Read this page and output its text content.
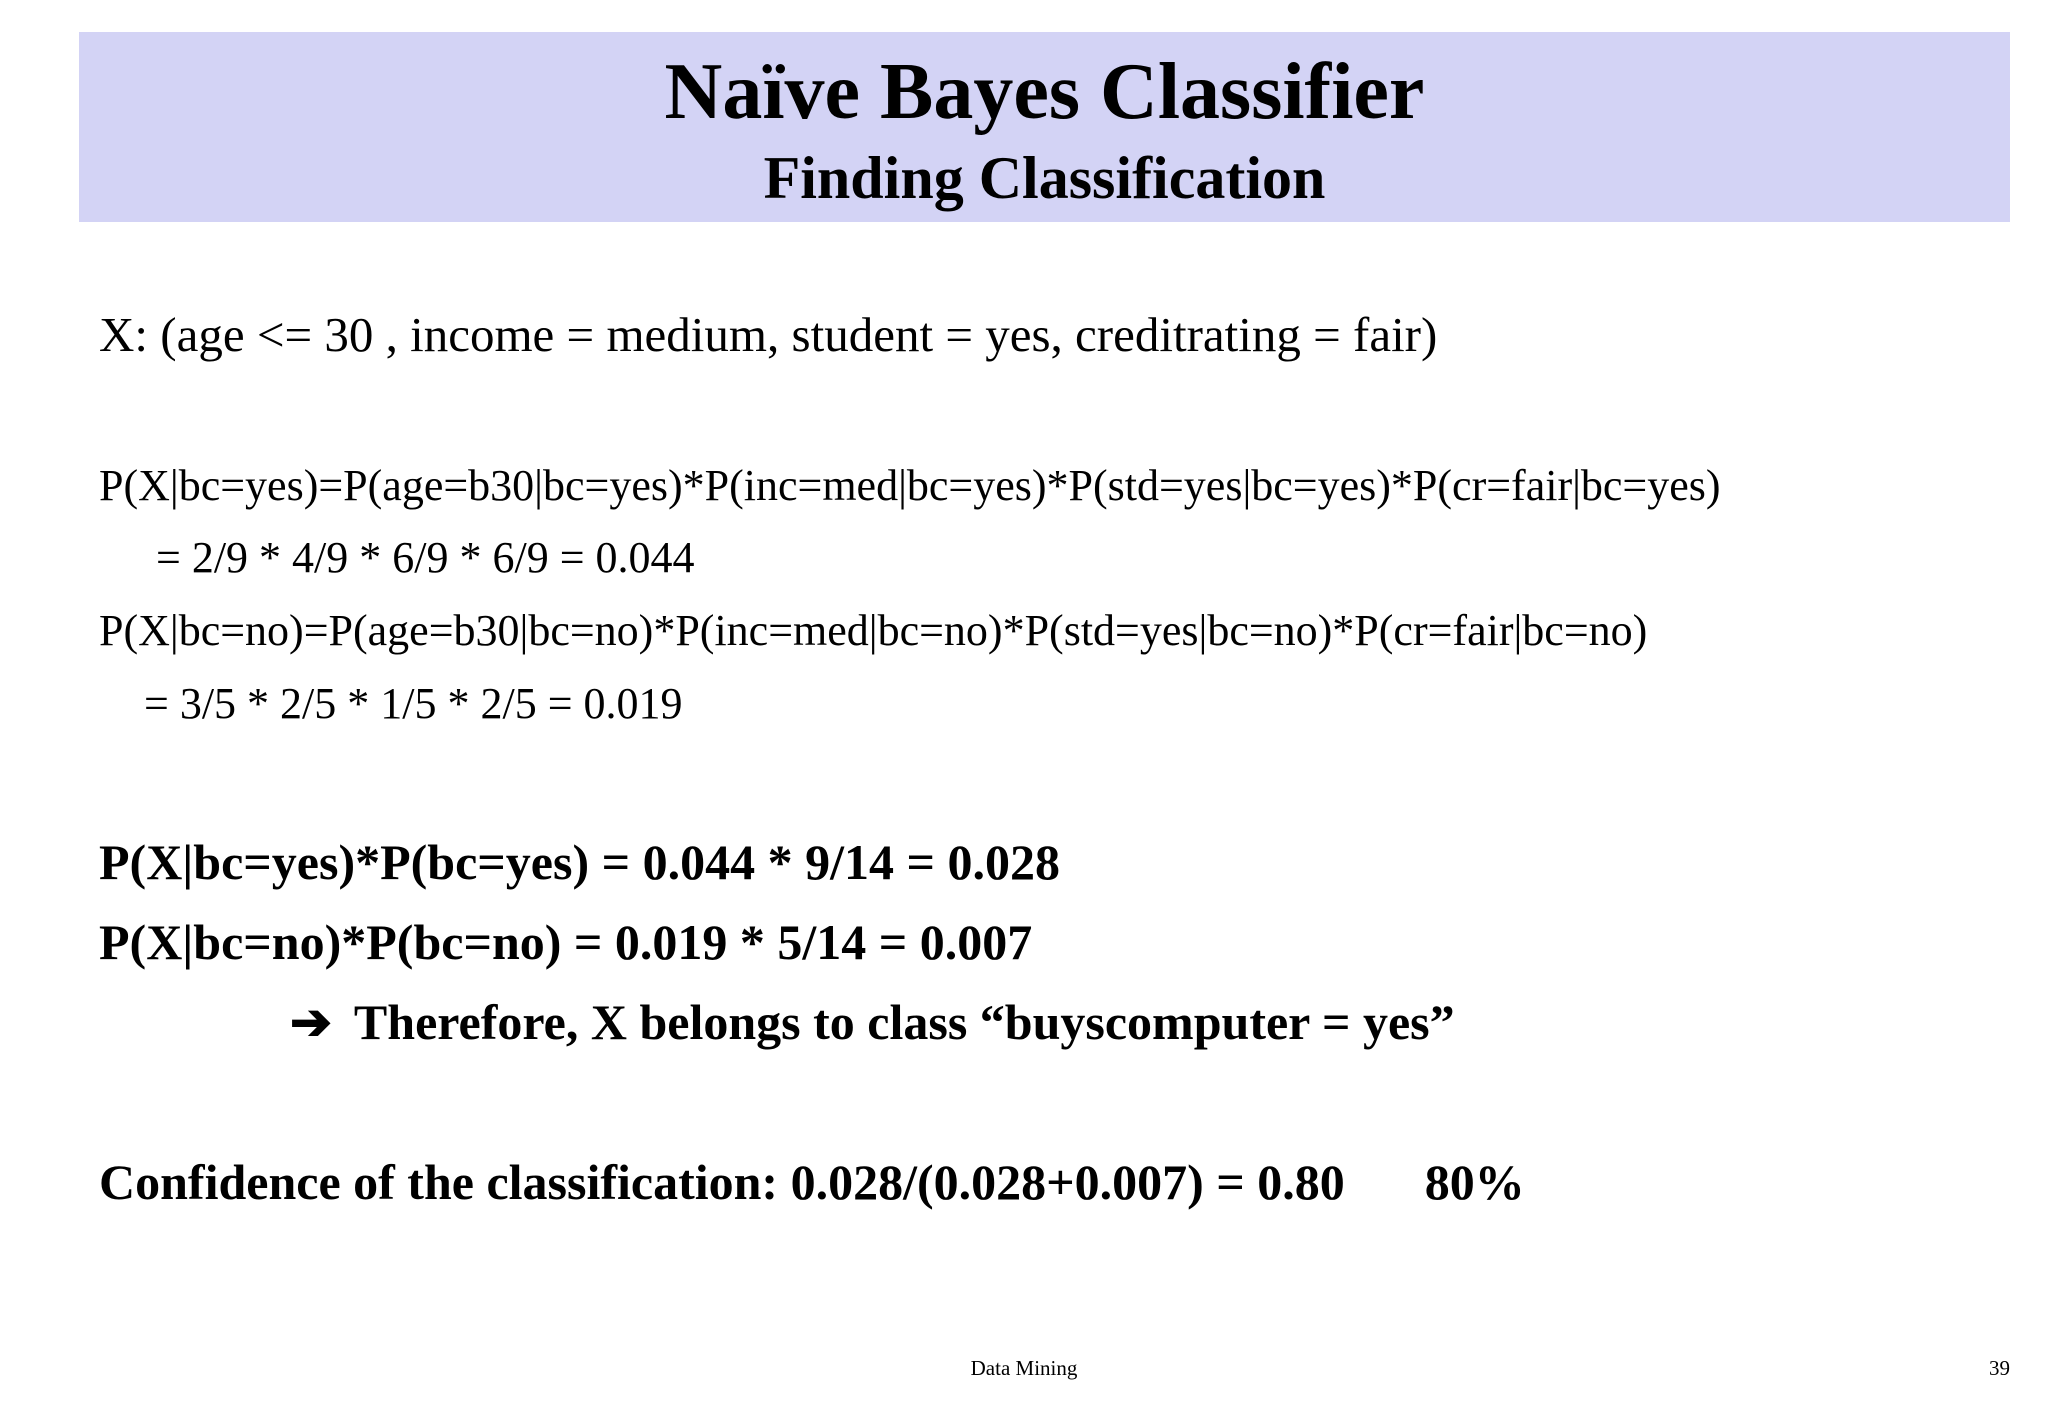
Naïve Bayes Classifier
Finding Classification
X: (age <= 30 , income = medium, student = yes, creditrating = fair)
P(X|bc=yes)=P(age=b30|bc=yes)*P(inc=med|bc=yes)*P(std=yes|bc=yes)*P(cr=fair|bc=yes)
= 2/9 * 4/9 * 6/9 * 6/9 = 0.044
P(X|bc=no)=P(age=b30|bc=no)*P(inc=med|bc=no)*P(std=yes|bc=no)*P(cr=fair|bc=no)
= 3/5 * 2/5 * 1/5 * 2/5 = 0.019
P(X|bc=yes)*P(bc=yes) = 0.044 * 9/14 = 0.028
P(X|bc=no)*P(bc=no) = 0.019 * 5/14 = 0.007
➔ Therefore, X belongs to class “buyscomputer = yes”
Confidence of the classification: 0.028/(0.028+0.007) = 0.80 80%
Data Mining	39
